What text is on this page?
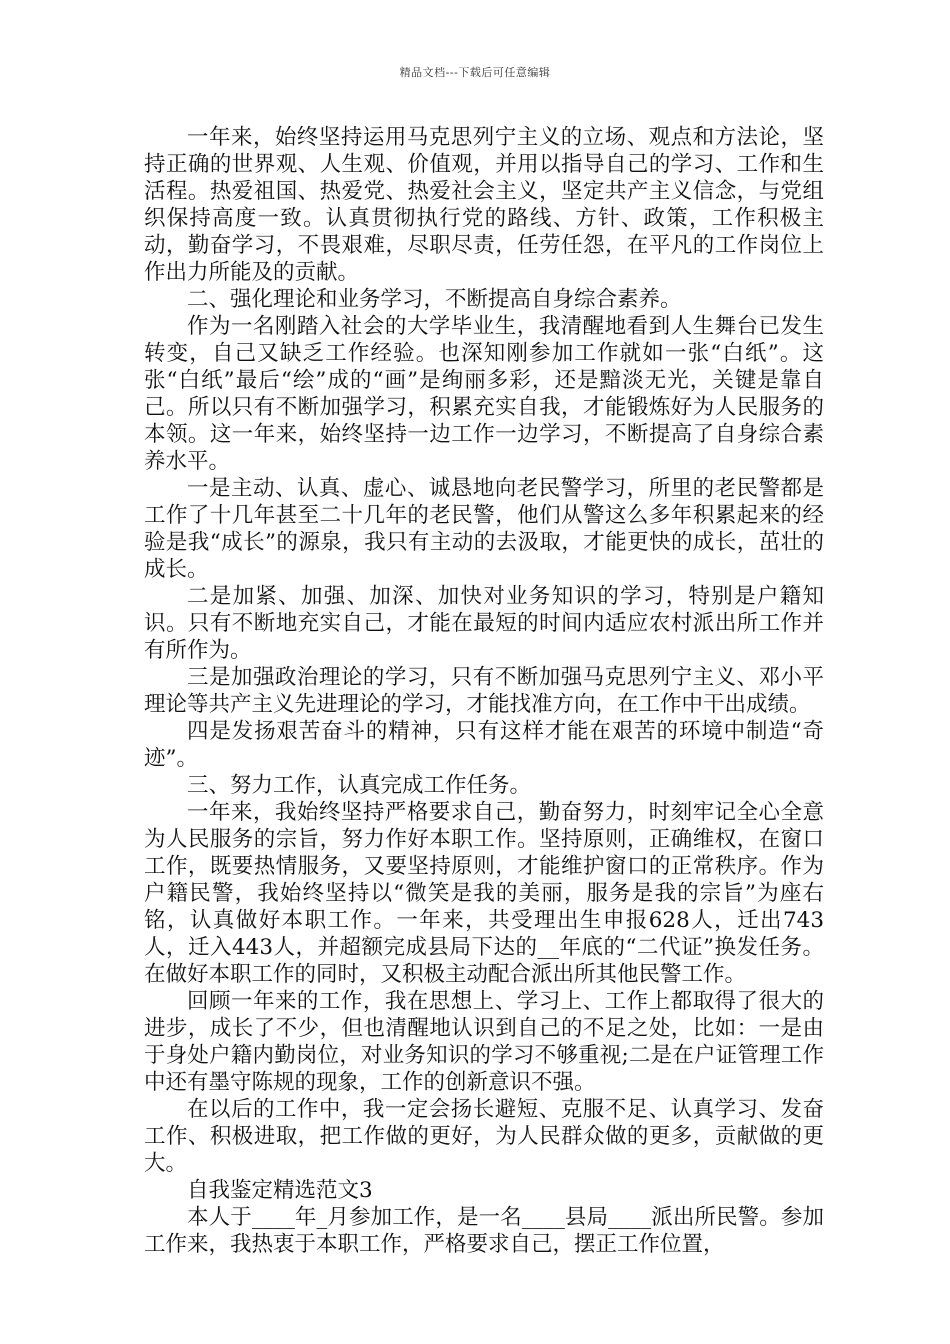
精品文档---下载后可任意编辑

一年来，始终坚持运用马克思列宁主义的立场、观点和方法论，坚持正确的世界观、人生观、价值观，并用以指导自己的学习、工作和生活程。热爱祖国、热爱党、热爱社会主义，坚定共产主义信念，与党组织保持高度一致。认真贯彻执行党的路线、方针、政策，工作积极主动，勤奋学习，不畏艰难，尽职尽责，任劳任怨，在平凡的工作岗位上作出力所能及的贡献。

二、强化理论和业务学习，不断提高自身综合素养。

作为一名刚踏入社会的大学毕业生，我清醒地看到人生舞台已发生转变，自己又缺乏工作经验。也深知刚参加工作就如一张“白纸”。这张“白纸”最后“绘”成的“画”是绚丽多彩，还是黯淡无光，关键是靠自己。所以只有不断加强学习，积累充实自我，才能锻炼好为人民服务的本领。这一年来，始终坚持一边工作一边学习，不断提高了自身综合素养水平。

一是主动、认真、虚心、诚恳地向老民警学习，所里的老民警都是工作了十几年甚至二十几年的老民警，他们从警这么多年积累起来的经验是我“成长”的源泉，我只有主动的去汲取，才能更快的成长，茁壮的成长。

二是加紧、加强、加深、加快对业务知识的学习，特别是户籍知识。只有不断地充实自己，才能在最短的时间内适应农村派出所工作并有所作为。

三是加强政治理论的学习，只有不断加强马克思列宁主义、邓小平理论等共产主义先进理论的学习，才能找准方向，在工作中干出成绩。

四是发扬艰苦奋斗的精神，只有这样才能在艰苦的环境中制造“奇迹”。

三、努力工作，认真完成工作任务。

一年来，我始终坚持严格要求自己，勤奋努力，时刻牢记全心全意为人民服务的宗旨，努力作好本职工作。坚持原则，正确维权，在窗口工作，既要热情服务，又要坚持原则，才能维护窗口的正常秩序。作为户籍民警，我始终坚持以“微笑是我的美丽，服务是我的宗旨”为座右铭，认真做好本职工作。一年来，共受理出生申报628人，迁出743人，迁入443人，并超额完成县局下达的__年底的“二代证”换发任务。在做好本职工作的同时，又积极主动配合派出所其他民警工作。

回顾一年来的工作，我在思想上、学习上、工作上都取得了很大的进步，成长了不少，但也清醒地认识到自己的不足之处，比如：一是由于身处户籍内勤岗位，对业务知识的学习不够重视;二是在户证管理工作中还有墨守陈规的现象，工作的创新意识不强。

在以后的工作中，我一定会扬长避短、克服不足、认真学习、发奋工作、积极进取，把工作做的更好，为人民群众做的更多，贡献做的更大。

自我鉴定精选范文3

本人于____年_月参加工作，是一名____县局____派出所民警。参加工作来，我热衷于本职工作，严格要求自己，摆正工作位置，
